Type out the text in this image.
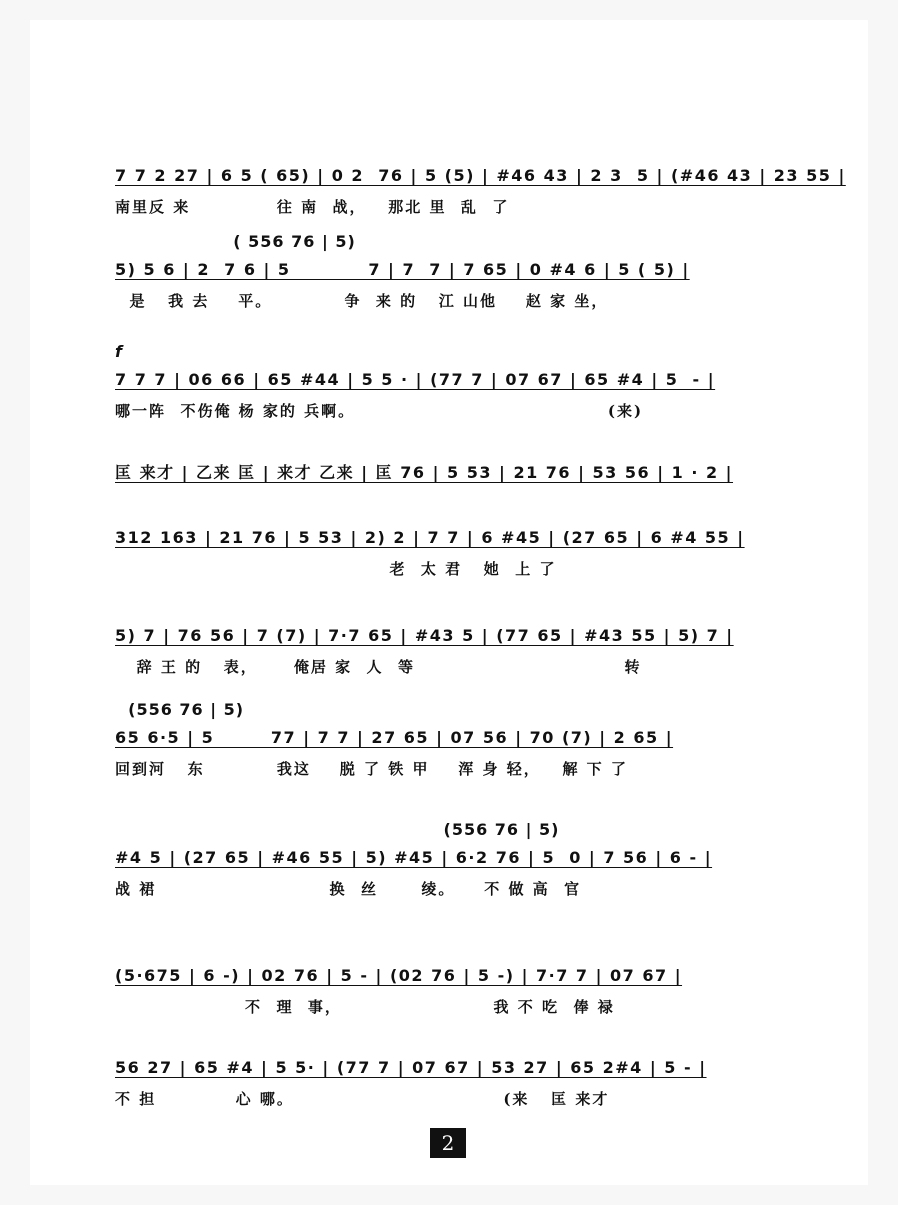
7 7 2 27 | 6 5 ( 65) | 0 2  76 | 5 (5) | #46 43 | 2 3  5 | (#46 43 | 23 55 |
南里反 来            往 南  战，   那北 里  乱  了
( 556 76 | 5)
5) 5 6 | 2  7 6 | 5           7 | 7  7 | 7 65 | 0 #4 6 | 5 ( 5) |
是   我 去    平。          争  来 的   江 山他    赵 家 坐，
f
7 7 7 | 06 66 | 65 #44 | 5 5 · | (77 7 | 07 67 | 65 #4 | 5  - |
哪一阵  不伤俺 杨 家的 兵啊。                                   (来)
匡 来才 | 乙来 匡 | 来才 乙来 | 匡 76 | 5 53 | 21 76 | 53 56 | 1 · 2 |
312 163 | 21 76 | 5 53 | 2) 2 | 7 7 | 6 #45 | (27 65 | 6 #4 55 |
老  太 君   她  上 了
5) 7 | 76 56 | 7 (7) | 7·7 65 | #43 5 | (77 65 | #43 55 | 5) 7 |
辞 王 的   表，     俺居 家  人  等                             转
(556 76 | 5)
65 6·5 | 5        77 | 7 7 | 27 65 | 07 56 | 70 (7) | 2 65 |
回到河   东          我这    脱 了 铁 甲    浑 身 轻，   解 下 了
(556 76 | 5)
#4 5 | (27 65 | #46 55 | 5) #45 | 6·2 76 | 5  0 | 7 56 | 6 - |
战 裙                        换  丝      绫。    不 做 高  官
(5·675 | 6 -) | 02 76 | 5 - | (02 76 | 5 -) | 7·7 7 | 07 67 |
不  理  事，                     我 不 吃  俸 禄
56 27 | 65 #4 | 5 5· | (77 7 | 07 67 | 53 27 | 65 2#4 | 5 - |
不 担           心 哪。                             (来   匡 来才
2
